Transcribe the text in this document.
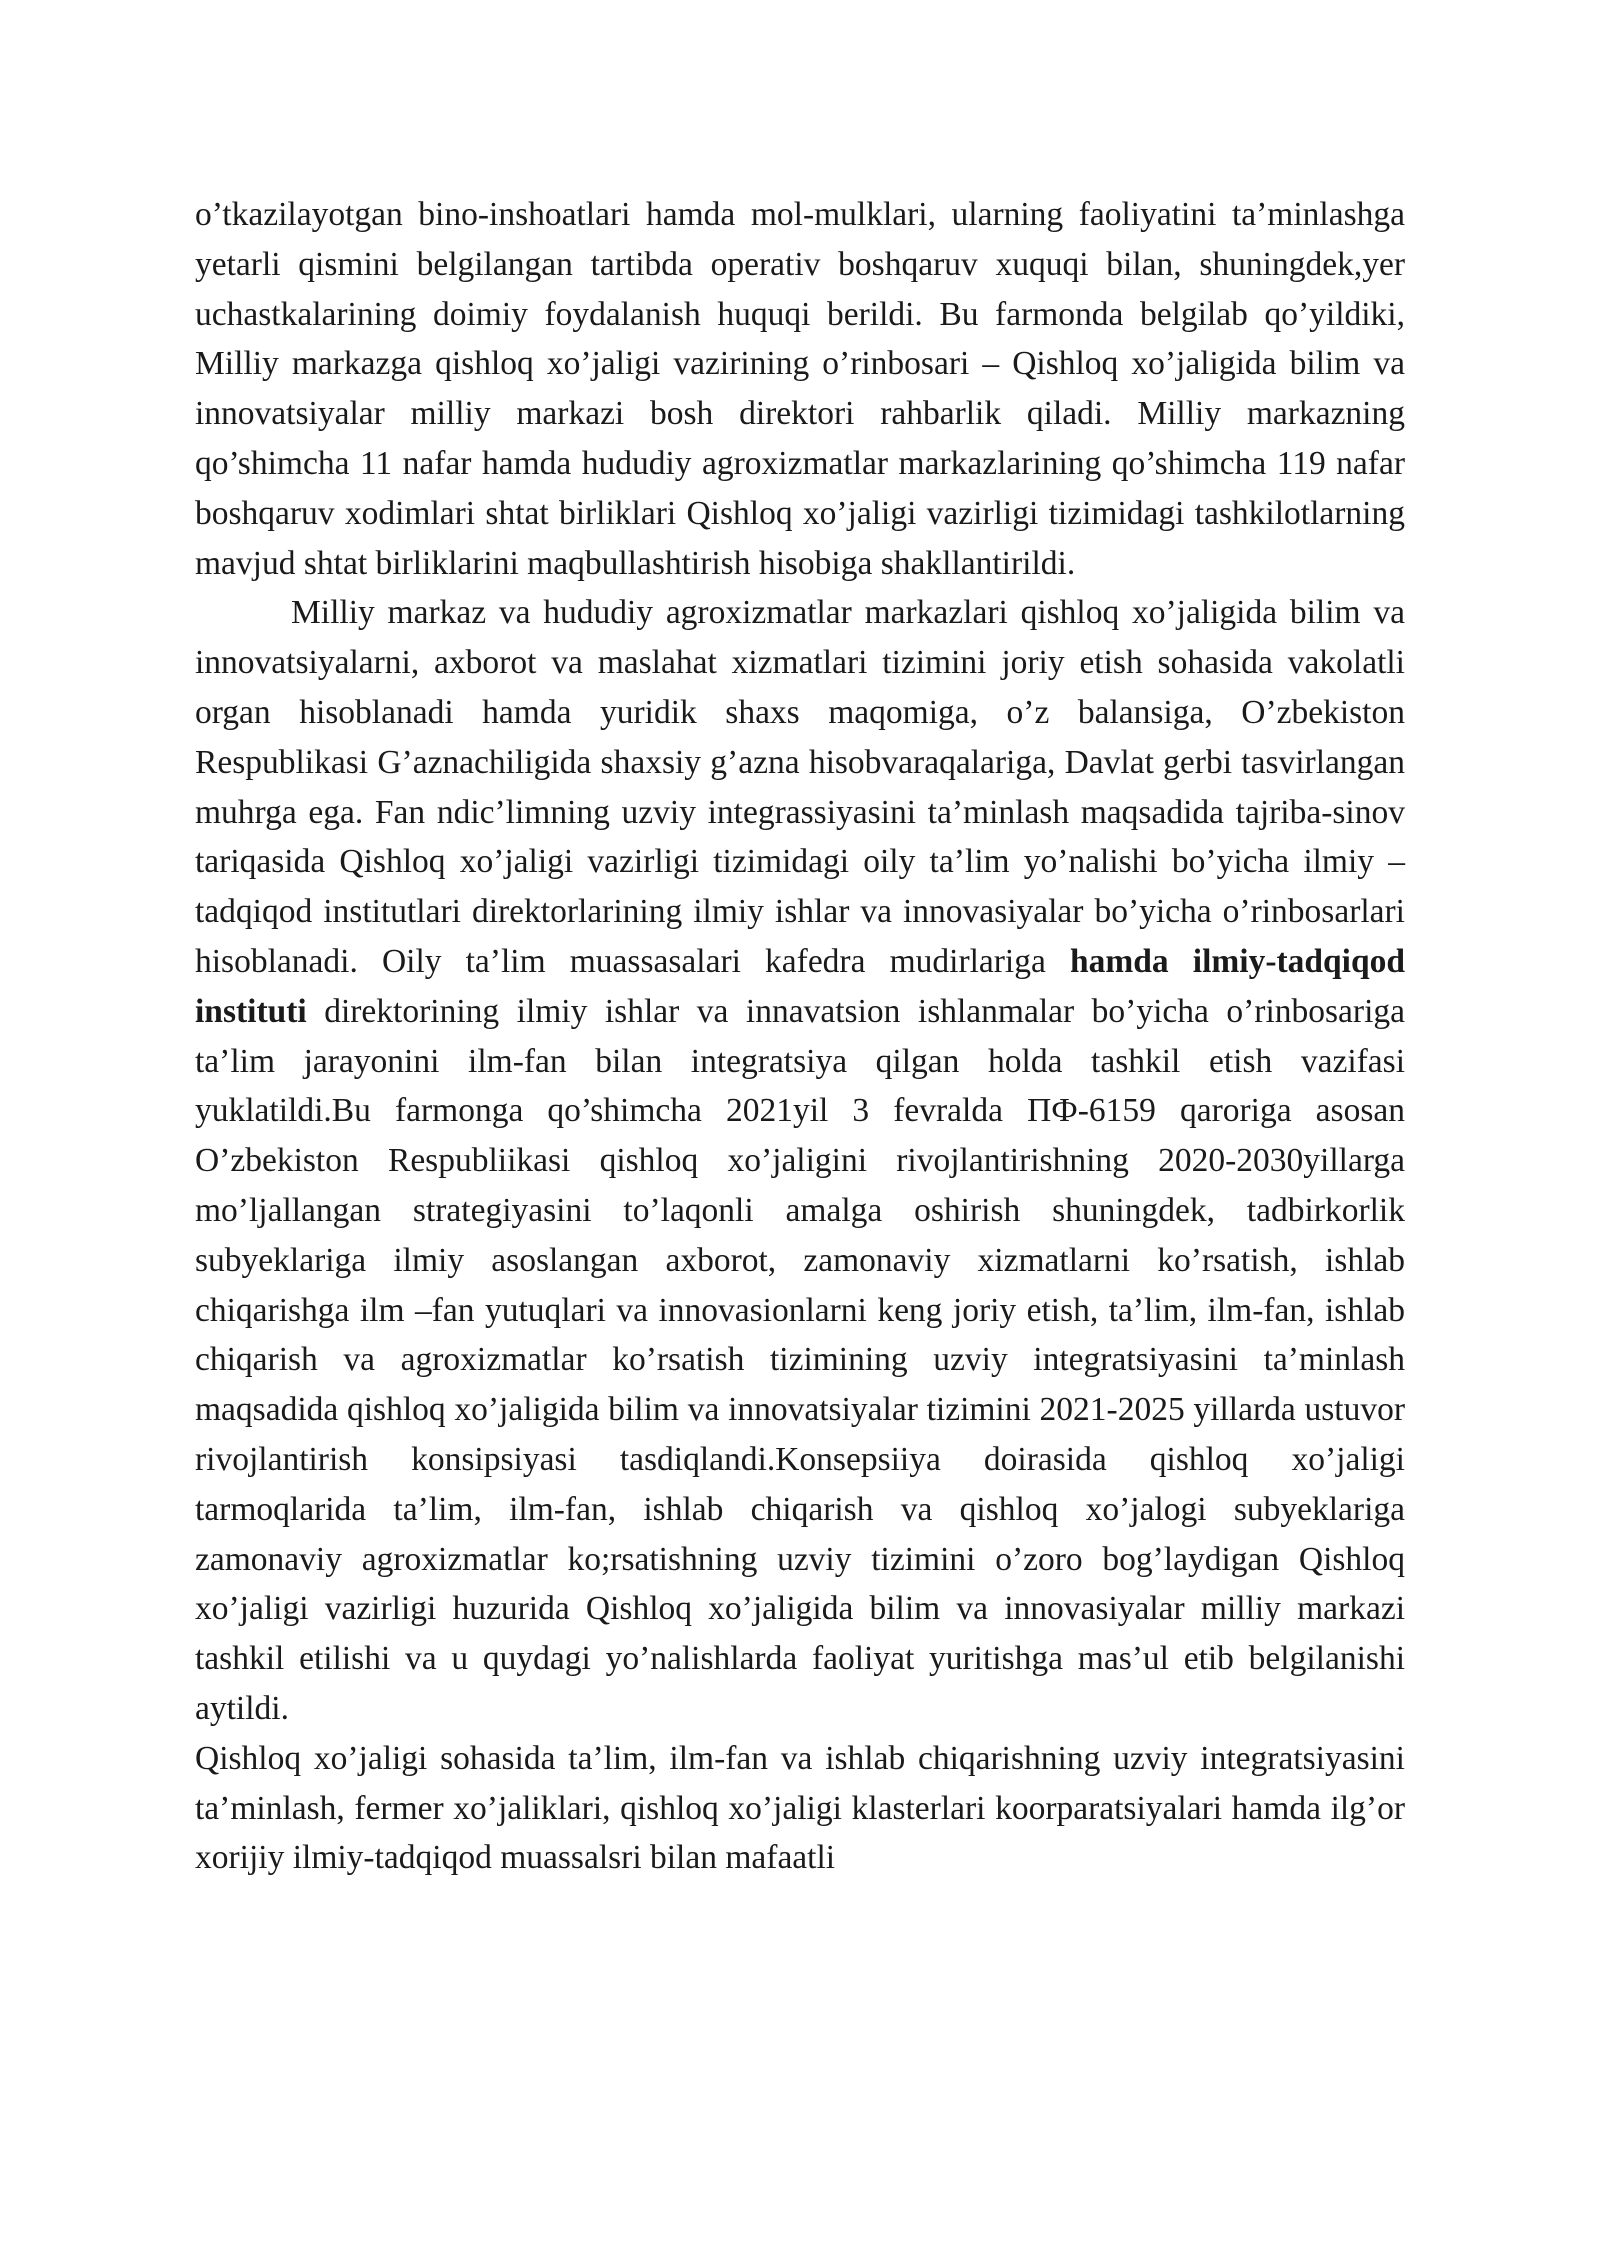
o’tkazilayotgan bino-inshoatlari hamda mol-mulklari, ularning faoliyatini ta’minlashga yetarli qismini belgilangan tartibda operativ boshqaruv xuquqi bilan, shuningdek,yer uchastkalarining doimiy foydalanish huquqi berildi. Bu farmonda belgilab qo’yildiki, Milliy markazga qishloq xo’jaligi vazirining o’rinbosari – Qishloq xo’jaligida bilim va innovatsiyalar milliy markazi bosh direktori rahbarlik qiladi. Milliy markazning qo’shimcha 11 nafar hamda hududiy agroxizmatlar markazlarining qo’shimcha 119 nafar boshqaruv xodimlari shtat birliklari Qishloq xo’jaligi vazirligi tizimidagi tashkilotlarning mavjud shtat birliklarini maqbullashtirish hisobiga shakllantirildi.

Milliy markaz va hududiy agroxizmatlar markazlari qishloq xo’jaligida bilim va innovatsiyalarni, axborot va maslahat xizmatlari tizimini joriy etish sohasida vakolatli organ hisoblanadi hamda yuridik shaxs maqomiga, o’z balansiga, O’zbekiston Respublikasi G’aznachiligida shaxsiy g’azna hisobvaraqalariga, Davlat gerbi tasvirlangan muhrga ega. Fan ndic’limning uzviy integrassiyasini ta’minlash maqsadida tajriba-sinov tariqasida Qishloq xo’jaligi vazirligi tizimidagi oily ta’lim yo’nalishi bo’yicha ilmiy –tadqiqod institutlari direktorlarining ilmiy ishlar va innovasiyalar bo’yicha o’rinbosarlari hisoblanadi. Oily ta’lim muassasalari kafedra mudirlariga hamda ilmiy-tadqiqod instituti direktorining ilmiy ishlar va innavatsion ishlanmalar bo’yicha o’rinbosariga ta’lim jarayonini ilm-fan bilan integratsiya qilgan holda tashkil etish vazifasi yuklatildi.Bu farmonga qo’shimcha 2021yil 3 fevralda ПФ-6159 qaroriga asosan O’zbekiston Respubliikasi qishloq xo’jaligini rivojlantirishning 2020-2030yillarga mo’ljallangan strategiyasini to’laqonli amalga oshirish shuningdek, tadbirkorlik subyeklariga ilmiy asoslangan axborot, zamonaviy xizmatlarni ko’rsatish, ishlab chiqarishga ilm –fan yutuqlari va innovasionlarni keng joriy etish, ta’lim, ilm-fan, ishlab chiqarish va agroxizmatlar ko’rsatish tizimining uzviy integratsiyasini ta’minlash maqsadida qishloq xo’jaligida bilim va innovatsiyalar tizimini 2021-2025 yillarda ustuvor rivojlantirish konsipsiyasi tasdiqlandi.Konsepsiiya doirasida qishloq xo’jaligi tarmoqlarida ta’lim, ilm-fan, ishlab chiqarish va qishloq xo’jalogi subyeklariga zamonaviy agroxizmatlar ko;rsatishning uzviy tizimini o’zoro bog’laydigan Qishloq xo’jaligi vazirligi huzurida Qishloq xo’jaligida bilim va innovasiyalar milliy markazi tashkil etilishi va u quydagi yo’nalishlarda faoliyat yuritishga mas’ul etib belgilanishi aytildi.

Qishloq xo’jaligi sohasida ta’lim, ilm-fan va ishlab chiqarishning uzviy integratsiyasini ta’minlash, fermer xo’jaliklari, qishloq xo’jaligi klasterlari koorparatsiyalari hamda ilg’or xorijiy ilmiy-tadqiqod muassalsri bilan mafaatli
